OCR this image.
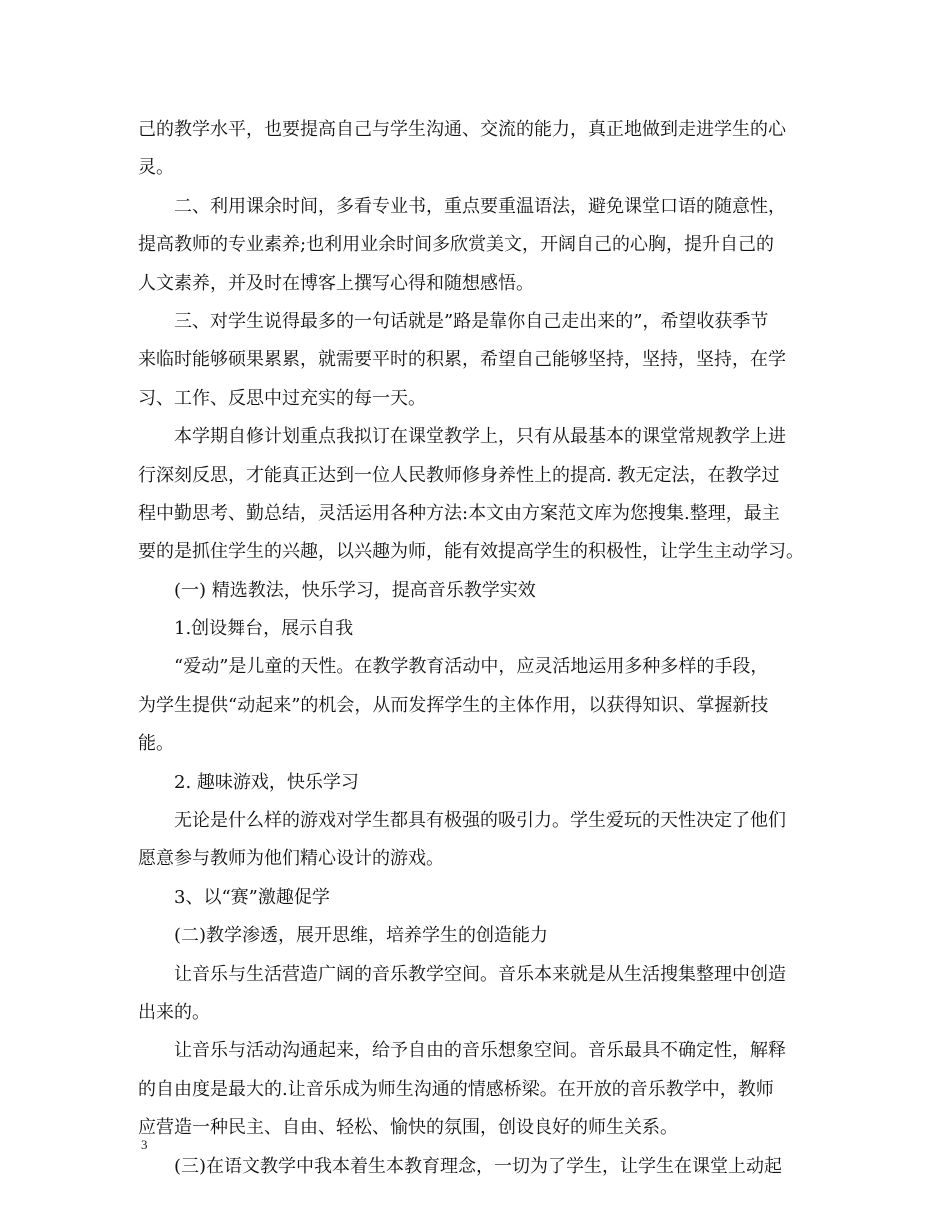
己的教学水平，也要提高自己与学生沟通、交流的能力，真正地做到走进学生的心
灵。
二、利用课余时间，多看专业书，重点要重温语法，避免课堂口语的随意性，
提高教师的专业素养;也利用业余时间多欣赏美文，开阔自己的心胸，提升自己的
人文素养，并及时在博客上撰写心得和随想感悟。
三、对学生说得最多的一句话就是”路是靠你自己走出来的”，希望收获季节
来临时能够硕果累累，就需要平时的积累，希望自己能够坚持，坚持，坚持，在学
习、工作、反思中过充实的每一天。
本学期自修计划重点我拟订在课堂教学上，只有从最基本的课堂常规教学上进
行深刻反思，才能真正达到一位人民教师修身养性上的提高. 教无定法，在教学过
程中勤思考、勤总结，灵活运用各种方法:本文由方案范文库为您搜集.整理，最主
要的是抓住学生的兴趣，以兴趣为师，能有效提高学生的积极性，让学生主动学习。
(一) 精选教法，快乐学习，提高音乐教学实效
1.创设舞台，展示自我
“爱动”是儿童的天性。在教学教育活动中，应灵活地运用多种多样的手段，
为学生提供“动起来”的机会，从而发挥学生的主体作用，以获得知识、掌握新技
能。
2. 趣味游戏，快乐学习
无论是什么样的游戏对学生都具有极强的吸引力。学生爱玩的天性决定了他们
愿意参与教师为他们精心设计的游戏。
3、以“赛”激趣促学
(二)教学渗透，展开思维，培养学生的创造能力
让音乐与生活营造广阔的音乐教学空间。音乐本来就是从生活搜集整理中创造
出来的。
让音乐与活动沟通起来，给予自由的音乐想象空间。音乐最具不确定性，解释
的自由度是最大的.让音乐成为师生沟通的情感桥梁。在开放的音乐教学中，教师
应营造一种民主、自由、轻松、愉快的氛围，创设良好的师生关系。
(三)在语文教学中我本着生本教育理念，一切为了学生，让学生在课堂上动起
3
